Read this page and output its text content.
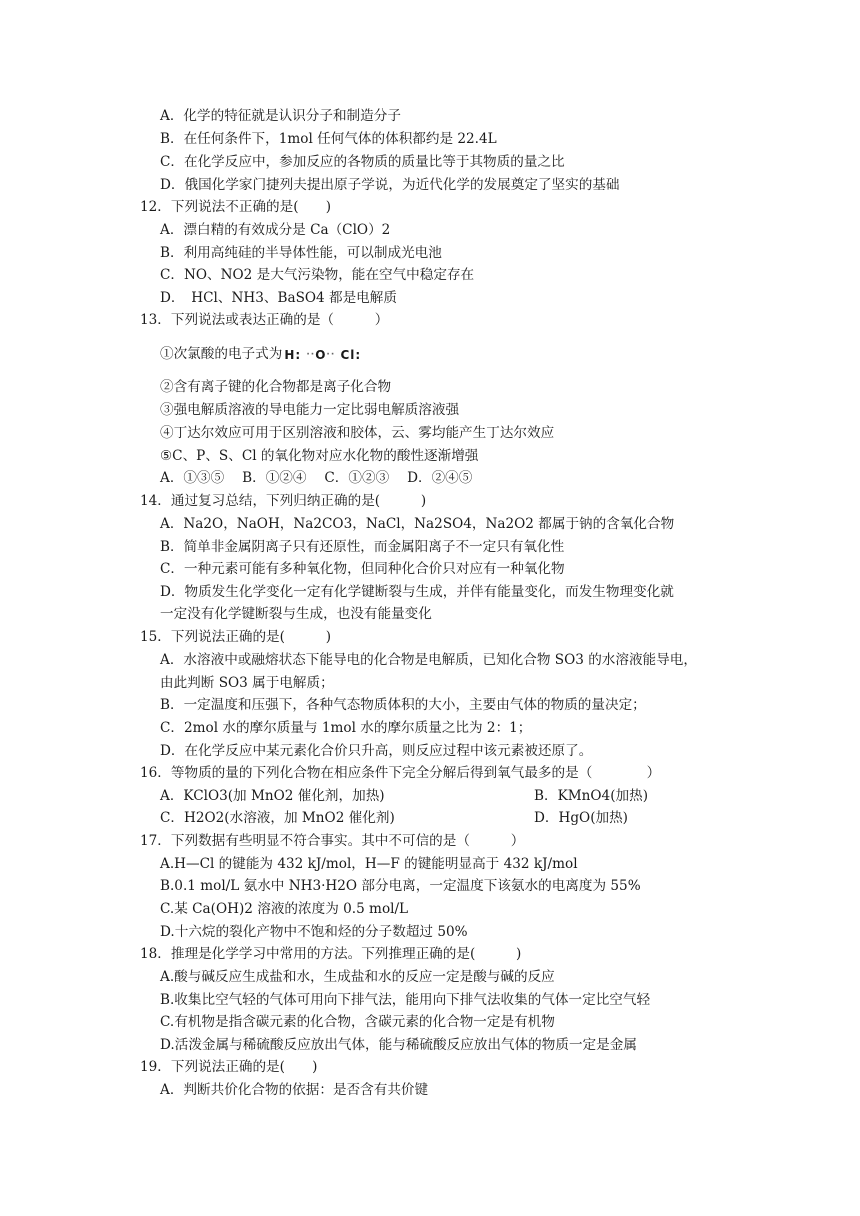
A．化学的特征就是认识分子和制造分子
B．在任何条件下，1mol 任何气体的体积都约是 22.4L
C．在化学反应中，参加反应的各物质的质量比等于其物质的量之比
D．俄国化学家门捷列夫提出原子学说，为近代化学的发展奠定了坚实的基础
12．下列说法不正确的是(　　)
A．漂白精的有效成分是 Ca（ClO）2
B．利用高纯硅的半导体性能，可以制成光电池
C．NO、NO2 是大气污染物，能在空气中稳定存在
D．　HCl、NH3、BaSO4 都是电解质
13．下列说法或表达正确的是（　　　）
①次氯酸的电子式为 H: ··O·· Cl:
②含有离子键的化合物都是离子化合物
③强电解质溶液的导电能力一定比弱电解质溶液强
④丁达尔效应可用于区别溶液和胶体，云、雾均能产生丁达尔效应
⑤C、P、S、Cl 的氧化物对应水化物的酸性逐渐增强
A．①③⑤　 B．①②④　 C．①②③　 D．②④⑤
14．通过复习总结，下列归纳正确的是(　　　)
A．Na2O，NaOH，Na2CO3，NaCl，Na2SO4，Na2O2 都属于钠的含氧化合物
B．简单非金属阴离子只有还原性，而金属阳离子不一定只有氧化性
C．一种元素可能有多种氧化物，但同种化合价只对应有一种氧化物
D．物质发生化学变化一定有化学键断裂与生成，并伴有能量变化，而发生物理变化就
一定没有化学键断裂与生成，也没有能量变化
15．下列说法正确的是(　　　)
A．水溶液中或融熔状态下能导电的化合物是电解质，已知化合物 SO3 的水溶液能导电，
由此判断 SO3 属于电解质；
B．一定温度和压强下，各种气态物质体积的大小，主要由气体的物质的量决定；
C．2mol 水的摩尔质量与 1mol 水的摩尔质量之比为 2：1；
D．在化学反应中某元素化合价只升高，则反应过程中该元素被还原了。
16．等物质的量的下列化合物在相应条件下完全分解后得到氧气最多的是（　　　　）
A．KClO3(加 MnO2 催化剂，加热)	B．KMnO4(加热)
C．H2O2(水溶液，加 MnO2 催化剂)	D．HgO(加热)
17．下列数据有些明显不符合事实。其中不可信的是（　　　）
A.H—Cl 的键能为 432 kJ/mol，H—F 的键能明显高于 432 kJ/mol
B.0.1 mol/L 氨水中 NH3·H2O 部分电离，一定温度下该氨水的电离度为 55%
C.某 Ca(OH)2 溶液的浓度为 0.5 mol/L
D.十六烷的裂化产物中不饱和烃的分子数超过 50%
18．推理是化学学习中常用的方法。下列推理正确的是(　　　)
A.酸与碱反应生成盐和水，生成盐和水的反应一定是酸与碱的反应
B.收集比空气轻的气体可用向下排气法，能用向下排气法收集的气体一定比空气轻
C.有机物是指含碳元素的化合物，含碳元素的化合物一定是有机物
D.活泼金属与稀硫酸反应放出气体，能与稀硫酸反应放出气体的物质一定是金属
19．下列说法正确的是(　　)
A．判断共价化合物的依据：是否含有共价键
